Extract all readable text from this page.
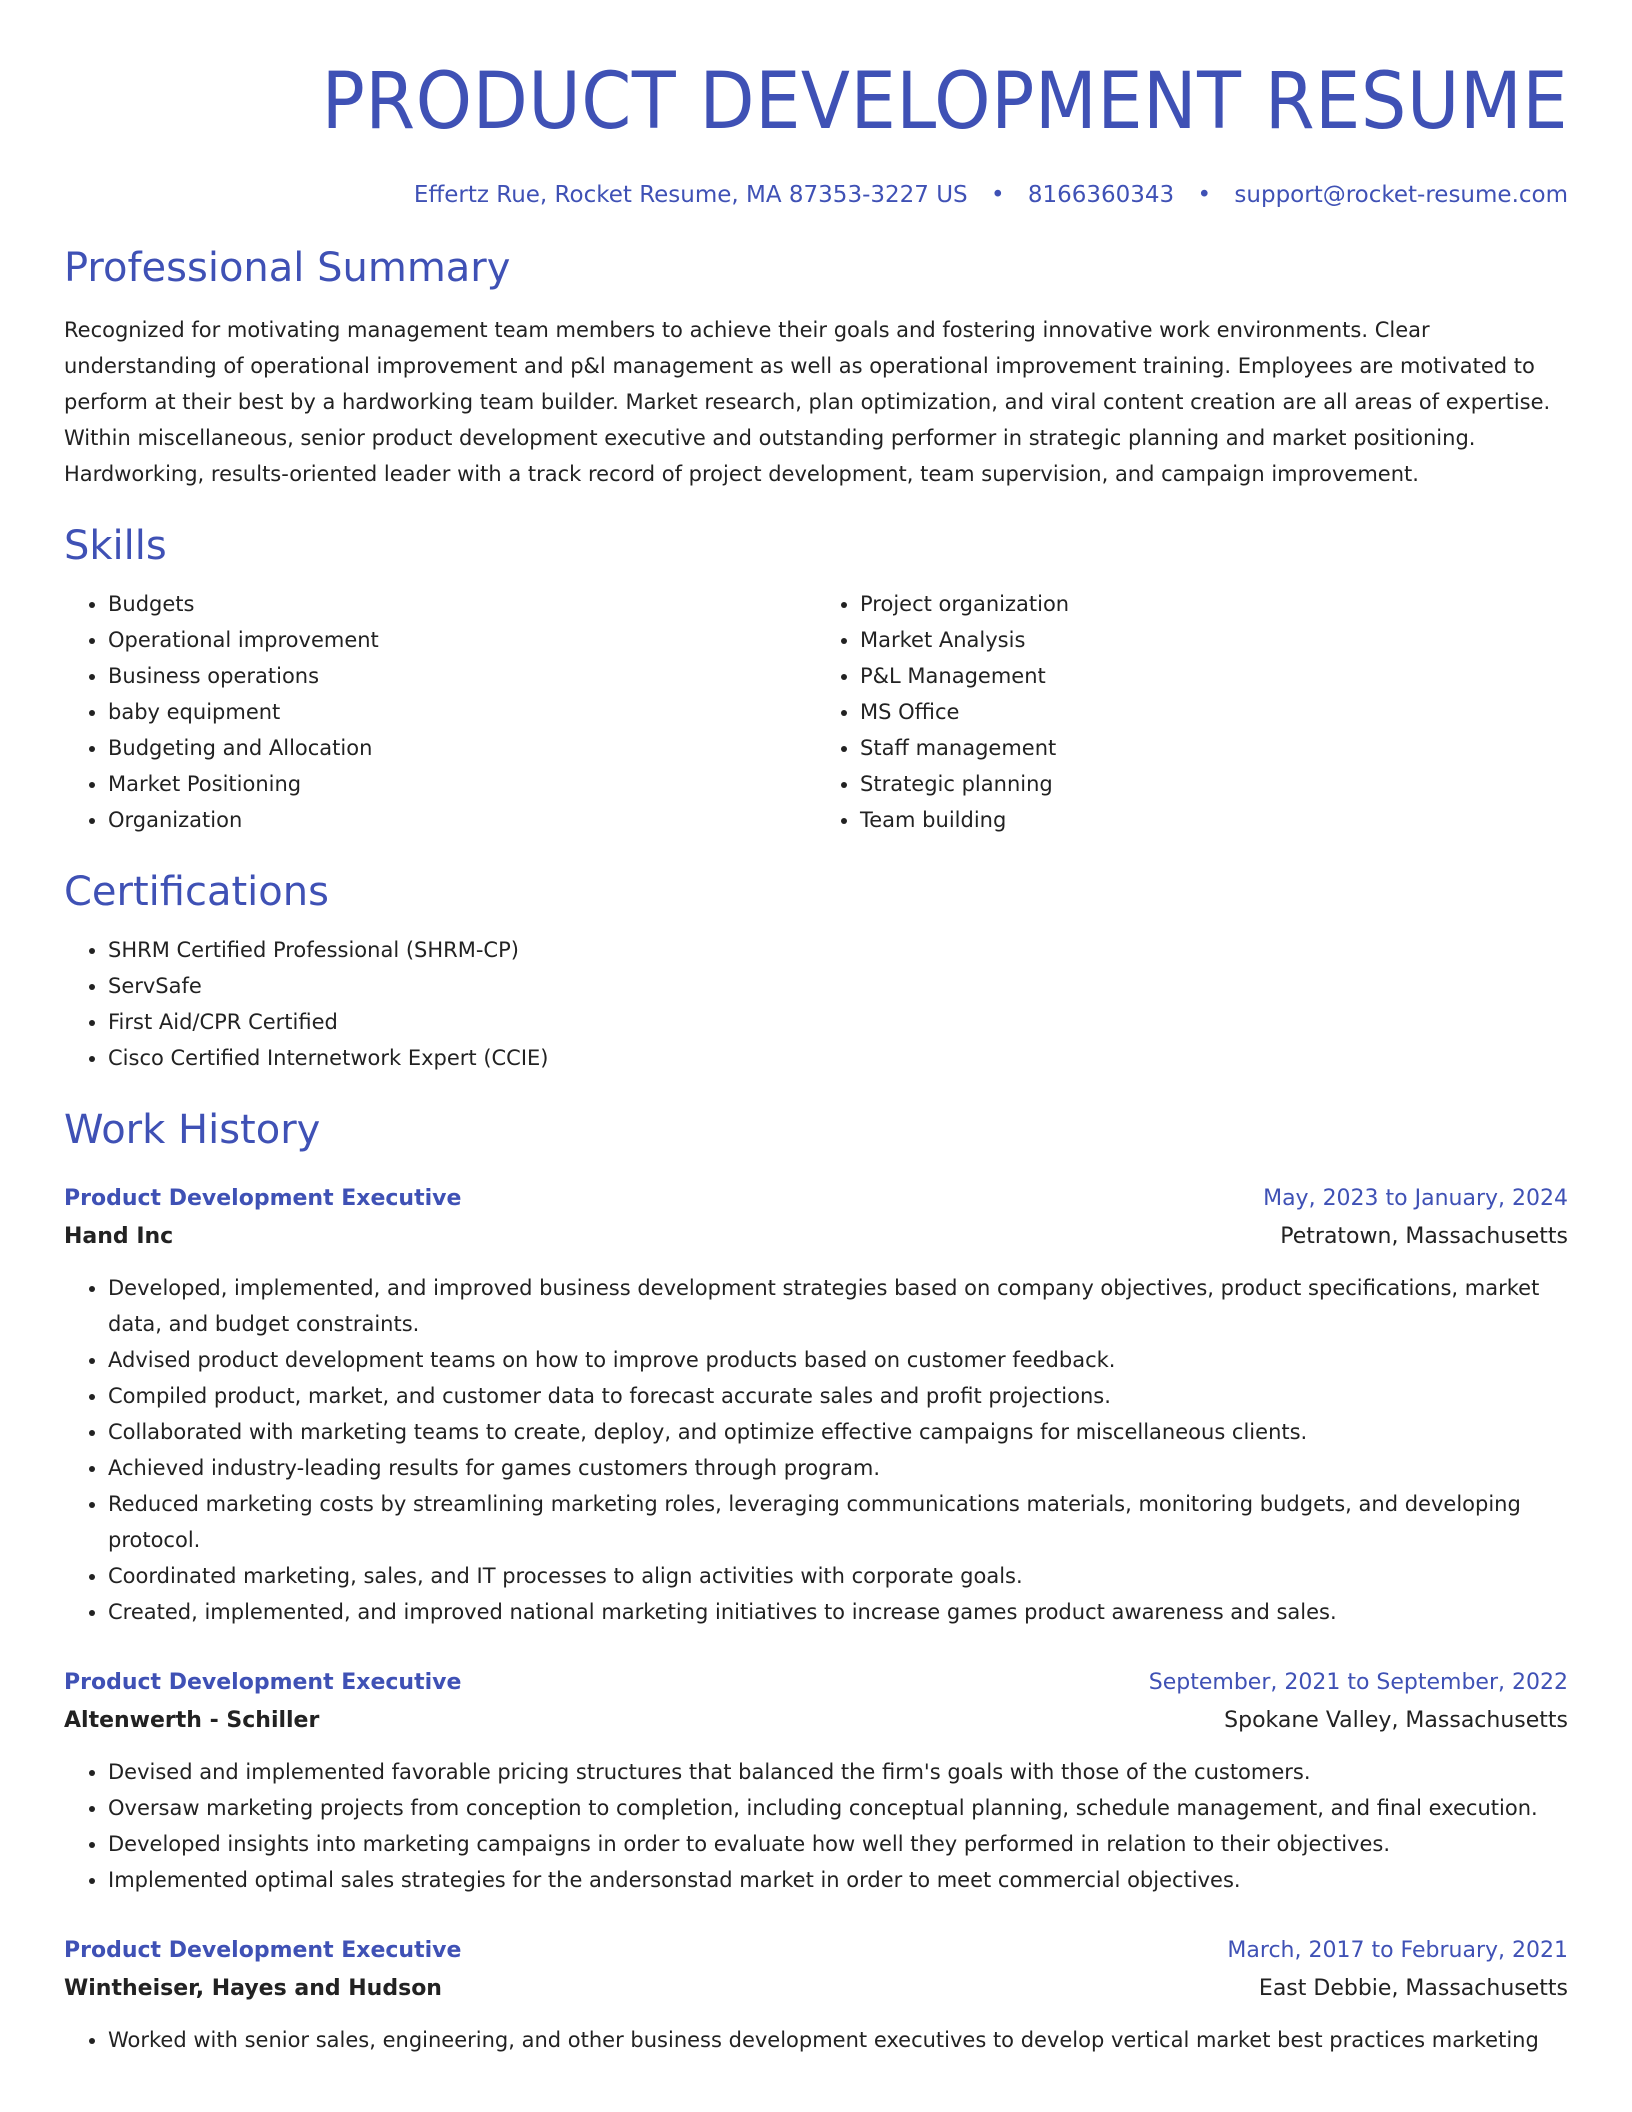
PRODUCT DEVELOPMENT RESUME
Effertz Rue, Rocket Resume, MA 87353-3227 US • 8166360343 • support@rocket-resume.com
Professional Summary

Recognized for motivating management team members to achieve their goals and fostering innovative work environments. Clear understanding of operational improvement and p&l management as well as operational improvement training. Employees are motivated to perform at their best by a hardworking team builder. Market research, plan optimization, and viral content creation are all areas of expertise. Within miscellaneous, senior product development executive and outstanding performer in strategic planning and market positioning. Hardworking, results-oriented leader with a track record of project development, team supervision, and campaign improvement.

Skills
• Budgets
• Operational improvement
• Business operations
• baby equipment
• Budgeting and Allocation
• Market Positioning
• Organization
• Project organization
• Market Analysis
• P&L Management
• MS Office
• Staff management
• Strategic planning
• Team building
Certifications
• SHRM Certified Professional (SHRM-CP)
• ServSafe
• First Aid/CPR Certified
• Cisco Certified Internetwork Expert (CCIE)
Work History
Product Development Executive	May, 2023 to January, 2024
Hand Inc	Petratown, Massachusetts
• Developed, implemented, and improved business development strategies based on company objectives, product specifications, market data, and budget constraints.
• Advised product development teams on how to improve products based on customer feedback.
• Compiled product, market, and customer data to forecast accurate sales and profit projections.
• Collaborated with marketing teams to create, deploy, and optimize effective campaigns for miscellaneous clients.
• Achieved industry-leading results for games customers through program.
• Reduced marketing costs by streamlining marketing roles, leveraging communications materials, monitoring budgets, and developing protocol.
• Coordinated marketing, sales, and IT processes to align activities with corporate goals.
• Created, implemented, and improved national marketing initiatives to increase games product awareness and sales.
Product Development Executive	September, 2021 to September, 2022
Altenwerth - Schiller	Spokane Valley, Massachusetts
• Devised and implemented favorable pricing structures that balanced the firm's goals with those of the customers.
• Oversaw marketing projects from conception to completion, including conceptual planning, schedule management, and final execution.
• Developed insights into marketing campaigns in order to evaluate how well they performed in relation to their objectives.
• Implemented optimal sales strategies for the andersonstad market in order to meet commercial objectives.
Product Development Executive	March, 2017 to February, 2021
Wintheiser, Hayes and Hudson	East Debbie, Massachusetts
• Worked with senior sales, engineering, and other business development executives to develop vertical market best practices marketing
